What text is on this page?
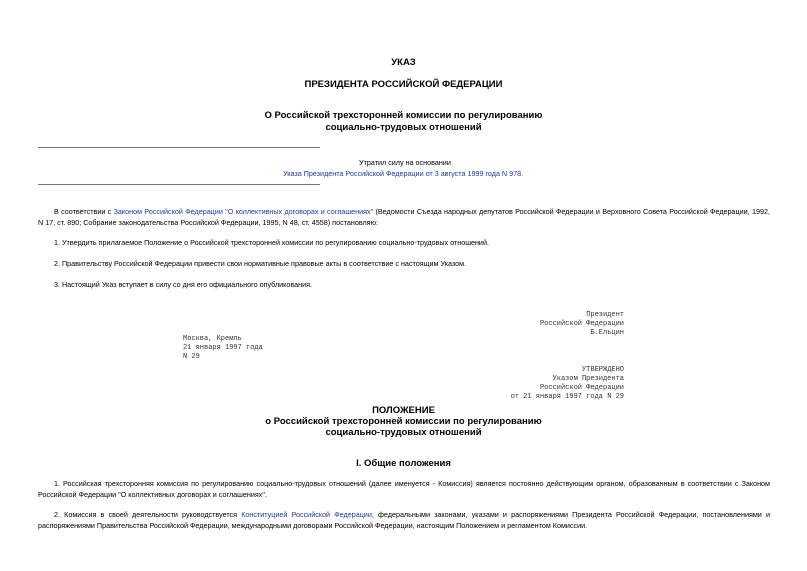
УКАЗ
ПРЕЗИДЕНТА РОССИЙСКОЙ ФЕДЕРАЦИИ
О Российской трехсторонней комиссии по регулированию
социально-трудовых отношений
Утратил силу на основании
Указа Президента Российской Федерации от 3 августа 1999 года N 978.
В соответствии с Законом Российской Федерации "О коллективных договорах и соглашениях" (Ведомости Съезда народных депутатов Российской Федерации и Верховного Совета Российской Федерации, 1992, N 17, ст. 890; Собрание законодательства Российской Федерации, 1995, N 48, ст. 4558) постановляю:
1. Утвердить прилагаемое Положение о Российской трехсторонней комиссии по регулированию социально-трудовых отношений.
2. Правительству Российской Федерации привести свои нормативные правовые акты в соответствие с настоящим Указом.
3. Настоящий Указ вступает в силу со дня его официального опубликования.
Президент
Российской Федерации
Б.Ельцин
Москва, Кремль
21 января 1997 года
N 29
УТВЕРЖДЕНО
Указом Президента
Российской Федерации
от 21 января 1997 года N 29
ПОЛОЖЕНИЕ
о Российской трехсторонней комиссии по регулированию
социально-трудовых отношений
I. Общие положения
1. Российская трехсторонняя комиссия по регулированию социально-трудовых отношений (далее именуется - Комиссия) является постоянно действующим органом, образованным в соответствии с Законом Российской Федерации "О коллективных договорах и соглашениях".
2. Комиссия в своей деятельности руководствуется Конституцией Российской Федерации, федеральными законами, указами и распоряжениями Президента Российской Федерации, постановлениями и распоряжениями Правительства Российской Федерации, международными договорами Российской Федерации, настоящим Положением и регламентом Комиссии.
